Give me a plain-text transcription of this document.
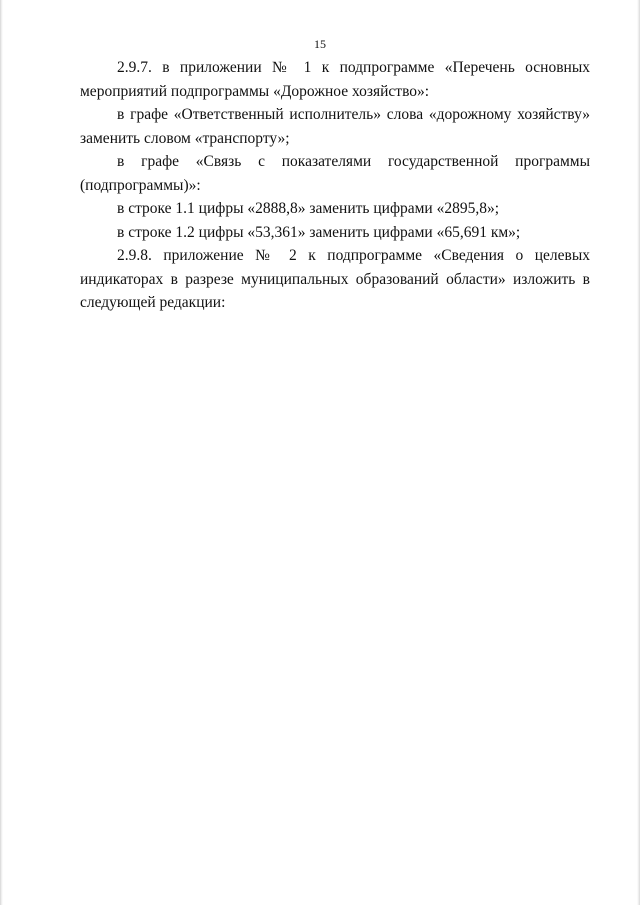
15

2.9.7. в приложении № 1 к подпрограмме «Перечень основных мероприятий подпрограммы «Дорожное хозяйство»:

в графе «Ответственный исполнитель» слова «дорожному хозяйству» заменить словом «транспорту»;

в графе «Связь с показателями государственной программы (подпрограммы)»:

в строке 1.1 цифры «2888,8» заменить цифрами «2895,8»;

в строке 1.2 цифры «53,361» заменить цифрами «65,691 км»;

2.9.8. приложение № 2 к подпрограмме «Сведения о целевых индикаторах в разрезе муниципальных образований области» изложить в следующей редакции:
